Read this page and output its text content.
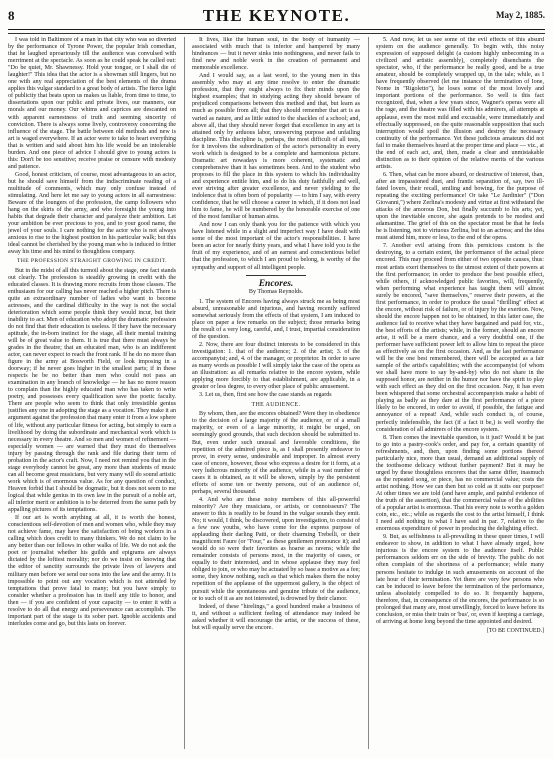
8	THE KEYNOTE.	May 2, 1885.

I was told in Baltimore of a man in that city who was so diverted by the performance of Tyrone Power, the popular Irish comedian, that he laughed uproariously till the audience was convulsed with merriment at the spectacle. As soon as he could speak he called out: "Do be quiet, Mr. Shawnessy. Hold your tongue, or I shall die of laughter!" This idea that the actor is a showman still lingers, but no one with any real appreciation of the best elements of the drama applies this vulgar standard to a great body of artists. The fierce light of publicity that beats upon us makes us liable, from time to time, to dissertations upon our public and private lives, our manners, our morals and our money. Our whims and caprices are descanted on with apparent earnestness of truth and seeming sincerity of conviction. There is always some lively, controversy concerning the influence of the stage. The battle between old methods and new is art is waged everywhere. If an actor were to take to heart everything that is written and said about him his life would be an intolerable burden. And one piece of advice I should give to young actors is this: Don't be too sensitive; receive praise or censure with modesty and patience.

Good, honest criticism, of course, most advantageous to an actor, but he should save himself from the indiscriminate reading of a multitude of comments, which may only confuse instead of stimulating. And here let me say to young actors in all earnestness: Beware of the loungers of the profession, the camp followers who hang on the skirts of the army, and who foresight the young into habits that degrade their character and paralyze their ambition. Let your ambition be ever precious to you, and to your good name, the jewel of your souls. I care nothing for the actor who is not always anxious to rise to the highest position in his particular walk; but this ideal cannot be cherished by the young man who is induced to fritter away his time and his mind to thoughtless company.

THE PROFESSION STRAIGHT GROWING IN CREDIT.

But in the midst of all this turmoil about the stage, one fact stands out clearly. The profession is steadily growing in credit with the educated classes. It is drawing more recruits from those classes. The enthusiasm for our calling has never reached a higher pitch. There is quite an extraordinary number of ladies who want to become actresses, and the cardinal difficulty in the way is not the social deterioration which some people think they would incur, but their inability to act. Men of education who adopt the dramatic profession do not find that their education is useless. If they have the necessary aptitude, the in-born instinct for the stage, all their mental training will be of great value to them. It is true that there must always be grades in the theatre; that an educated man, who is an indifferent actor, can never expect to reach the front rank. If he do no more than figure in the army at Bosworth Field, or look imposing in a doorway; if he never goes higher in the smallest parts; if in these respects he be no better than men who could not pass an examination in any branch of knowledge — he has no more reason to complain than the highly educated man who has taken to write poetry, and possesses every qualification save the poetic faculty. There are people who seem to think that only irresistible genius justifies any one in adopting the stage as a vocation. They make it an argument against the profession that many enter it from a low sphere of life, without any particular fitness for acting, but simply to earn a livelihood by doing the subordinate and mechanical work which is necessary in every theatre. And so men and women of refinement — especially women — are warned that they must do themselves injury by passing through the rank and file during their term of probation in the actor's craft. Now, I need not remind you that in the stage everybody cannot be great, any more than students of music can all become great musicians, but very many will do sound artistic work which is of enormous value. As for any question of conduct, Heaven forbid that I should be dogmatic, but it does not seem to me logical that while genius in its own law in the pursuit of a noble art, all inferior merit or ambition is to be deterred from the same path by appalling pictures of its temptations.

If our art is worth anything at all, it is worth the honest, conscientious self-devotion of men and women who, while they may not achieve fame, may have the satisfaction of being workers in a calling which does credit to many thinkers. We do not claim to be any better than our fellows in other walks of life. We do not ask the poet or journalist whether his guilds and epigrams are always dictated by the loftiest morality; nor do we insist on knowing that the editor of sanctity surrounds the private lives of lawyers and military men before we send our sons into the law and the army. It is impossible to point out any vocation which is not attended by temptations that prove fatal to many; but you have simply to consider whether a profession has in itself any title to honor, and then — if you are confident of your capacity — to enter it with a resolve to do all that energy and perseverance can accomplish. The important part of the stage is its sober part. Ignoble accidents and interludes come and go, but this lasts on forever.

It lives, like the human soul, in the body of humanity — associated with much that is inferior and hampered by many hindrances — but it never sinks into nothingness, and never fails to find new and noble work in the creation of permanent and memorable excellence.

And I would say, as a last word, to the young men in this assembly who may at any time resolve to enter the dramatic profession, that they ought always to fix their minds upon the highest examples; that in studying acting they should beware of prejudiced comparisons between this method and that, but learn as much as possible from all; that they should remember that art is as varied as nature, and as little suited to the shackles of a school; and, above all, that they should never forget that excellence in any art is attained only by arduous labor, unswerving purpose and unfailing discipline. This discipline is, perhaps, the most difficult of all tests, for it involves the subordination of the actor's personality in every work which is designed to be a complete and harmonious picture. Dramatic art nowadays is more coherent, systematic and comprehensive than it has sometimes been. And to the student who proposes to fill the place in this system to which his individuality and experience entitle him, and to do his duty faithfully and well, ever striving after greater excellence, and never yielding to the indolence that is often born of popularity — to him I say, with every confidence, that he will choose a career in which, if it does not lead him to fame, he will be numbered by the honorable exercise of one of the most familiar of human aims.

And now I can only thank you for the patience with which you have listened while in a slight and imperfect way I have dealt with some of the most important of the actor's responsibilities. I have been an actor for nearly thirty years, and what I have told you is the fruit of my experience, and of an earnest and conscientious belief that the profession, to which I am proud to belong, is worthy of the sympathy and support of all intelligent people.

Encores.

By Thomas Reynolds.

1. The system of Encores having always struck me as being most absurd, unreasonable and injurious, and having recently suffered somewhat seriously from the effects of that system, I am induced to place on paper a few remarks on the subject; those remarks being the result of a very long, careful, and, I trust, impartial consideration of the question.

2. Now, there are four distinct interests to be considered in this investigation: 1. that of the audience; 2. of the artist; 3. of the accompanyist; and, 4. of the manager, or proprietor. In order to save as many words as possible I will simply take the case of the opera as an illustration: as all remarks relative to the encore system, while applying more forcibly to that establishment, are applicable, in a greater or less degree, to every other place of public amusement.

3. Let us, then, first see how the case stands as regards

THE AUDIENCE.

By whom, then, are the encores obtained? Were they in obedience to the decision of a large majority of the audience, or of a small majority, or even of a large minority, it might be urged, on seemingly good grounds, that such decision should be submitted to. But, even under such unusual and favorable conditions, the repetition of the admired piece is, as I shall presently endeavor to prove, in every sense, undesirable and improper. In almost every case of encore, however, those who express a desire for it form, at a very ludicrous minority of the audience, while in a vast number of cases it is obtained, as it will be shown, simply by the persistent efforts of some ten or twenty persons, out of an audience of, perhaps, several thousand.

4. And who are these noisy members of this all-powerful minority? Are they musicians, or artists, or connoisseurs? The answer to this is readily to be found in the vulgar sounds they emit. No; it would, I think, be discovered, upon investigation, to consist of a few raw youths, who have come for the express purpose of applauding their darling Patti, or their charming Trebelli, or their magnificent Faure (or "Four," as these gentlemen pronounce it); and would do so were their favorites as hoarse as ravens; while the remainder consists of persons most, in the majority of cases, or equally to their interested, and in whose applause they may feel obliged to join, or who may be actuated by so base a motive as a fee; some, they know nothing, such as that which makes them the noisy repetition of the applause of the uppermost gallery, is the object of pursuit while the spontaneous and genuine tribute of the audience, or to such of it as are not interested, is drowned by their clamor.

Indeed, of these "hirelings," a good hundred make a business of it, and without a sufficient feeling of attendance may indeed be asked whether it will encourage the artist, or the success of these, but will equally serve the encore.

5. And now, let us see some of the evil effects of this absurd system on the audience generally. To begin with, this noisy expression of supposed delight (a custom highly unbecoming in a civilized and artistic assembly), completely disenchants the spectator, who, if the performance be really good, and be a true amateur, should be completely wrapped up, in the tale; while, as I have frequently observed (let me instance the termination of Ione, Nome in "Rigoletto"), he loses some of the most lovely and important portions of the performance. So well is this fact recognized, that, when a few years since, Wagner's operas were all the rage, and the theatre was filled with his admirers, all attempts at applause, even the most mild and excusable, were immediately and effectually suppressed, on the quite reasonable supposition that such interruption would spoil the illusion and destroy the necessary continuity of the performance. Yet these judicious amateurs did not fail to make themselves heard at the proper time and place — viz., at the end of each act, and, then, made a clear and unmistakable distinction as to their opinion of the relative merits of the various artists.

6. Then, what can be more absurd, or destructive of interest, than, after an impassioned duet, and frantic separation of, say, two ill-fated lovers, their recall, smiling and bowing, for the purpose of repeating the exciting performance! Or take "Le Jardinier" ("Don Giovanni,") where Zerlina's modesty and virtue at first withstand the attacks of the amorous Don, but finally succumb to his arts; yet, upon the inevitable encore, she again pretends to be modest and adamantine. The grief of this on the spectator must be that he feels he is listening, not to virtuous Zerlina, but to an actress; and the idea must attend him, more or less, to the end of the opera.

7. Another evil arising from this pernicious custom is the destroying, to a certain extent, the performance of the actual piece encored. This may proceed from either of two opposite causes, thus: most artists exert themselves to the utmost extent of their powers at the first performance; in order to produce the best possible effect, while others, if acknowledged public favorites, will, frequently, when performing what experience has taught them will almost surely be encored, "save themselves," reserve their powers, at the first performance, in order to produce the usual "thrilling" effect at the encore, without risk of failure, or of injury by the exertion. Now, should the encore happen not to be obtained, in this latter case, the audience fail to receive what they have bargained and paid for, viz., the best efforts of the artists; while, in the former, should an encore arise, it will be a mere chance, and a very doubtful one, if the performer have sufficient power left to allow him to repeat the piece as effectively as on the first occasion. And, as the last performance will be the one best remembered, there will be accepted as a fair sample of the artist's capabilities; with the accompanyist (of whom we shall have more to say by-and-by) who do not share in the supposed honor, are neither in the humor nor have the spirit to play with such effect as they did on the first occasion. Nay, it has even been whispered that some orchestral accompanyists make a habit of playing as badly as they dare at the first performance of a piece likely to be encored, in order to avoid, if possible, the fatigue and annoyance of a repeat! And, while such conduct is, of course, perfectly indefensible, the fact (if a fact it be,) is well worthy the consideration of all admirers of the encore system.

8. Then comes the inevitable question, is it just? Would it be just to go into a pastry-cook's order, and pay for, a certain quantity of refreshments, and, then, upon finding some portions thereof particularly nice, more than usual, demand an additional supply of the toothsome delicacy without further payment? But it may be urged by these thoughtless encorers that the same differ, inasmuch as the repeated song, or piece, has no commercial value; costs the artist nothing. How we can then but so cold as it suits our purpose! At other times we are told (and have ample, and painful evidence of the truth of the assertion), that the commercial value of the abilities of a popular artist is enormous. That his every note is worth a golden coin, etc., etc.; while as regards the cost to the artist himself, I think I need add nothing to what I have said in par. 7, relative to the enormous expenditure of power in producing the delighting effect.

9. But, as selfishness is all-prevailing in these queer times, I will endeavor to show, in addition to what I have already urged, how injurious is the encore system to the audience itself. Public performances seldom err on the side of brevity. The public do not often complain of the shortness of a performance; while many persons hesitate to indulge in such amusements on account of the late hour of their termination. Yet there are very few persons who can be induced to leave before the termination of the performance, unless absolutely compelled to do so. It frequently happens, therefore, that, in consequence of the encores, the performance is so prolonged that many are, most unwillingly, forced to leave before its conclusion, or miss their train or 'bus', or, even if keeping a carriage, of arriving at home long beyond the time appointed and desired.

[TO BE CONTINUED.]
